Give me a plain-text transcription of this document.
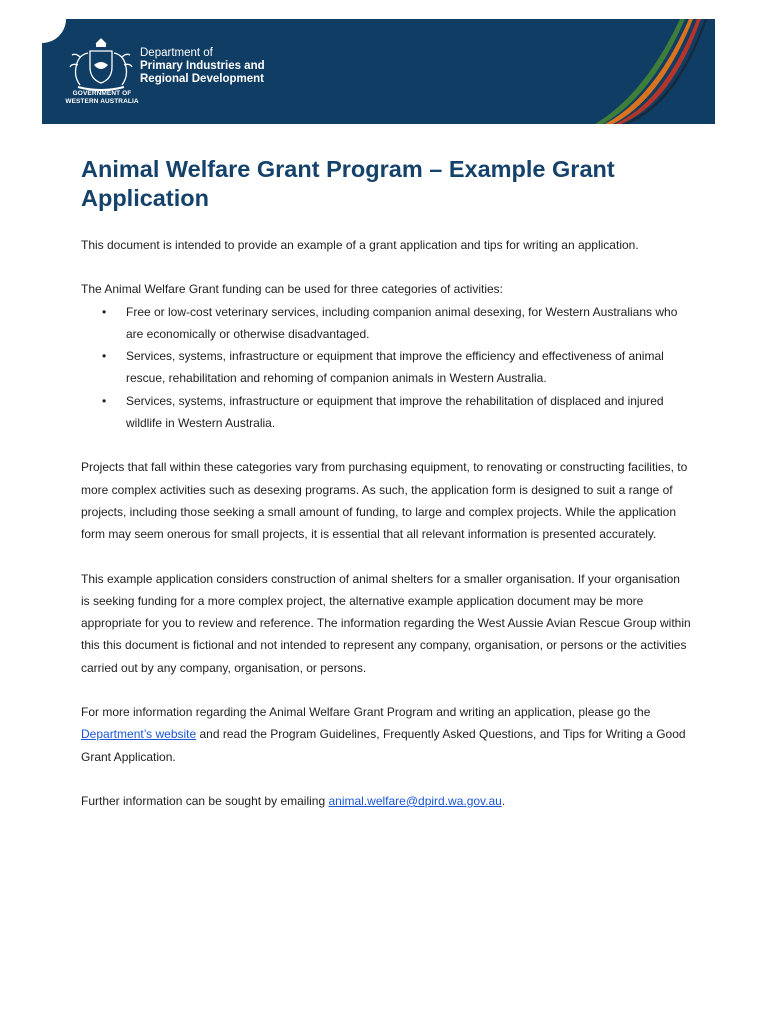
GOVERNMENT OF
WESTERN AUSTRALIA
Department of
Primary Industries and
Regional Development
Animal Welfare Grant Program – Example Grant Application

This document is intended to provide an example of a grant application and tips for writing an application.

The Animal Welfare Grant funding can be used for three categories of activities:

• Free or low-cost veterinary services, including companion animal desexing, for Western Australians who are economically or otherwise disadvantaged.
• Services, systems, infrastructure or equipment that improve the efficiency and effectiveness of animal rescue, rehabilitation and rehoming of companion animals in Western Australia.
• Services, systems, infrastructure or equipment that improve the rehabilitation of displaced and injured wildlife in Western Australia.

Projects that fall within these categories vary from purchasing equipment, to renovating or constructing facilities, to more complex activities such as desexing programs. As such, the application form is designed to suit a range of projects, including those seeking a small amount of funding, to large and complex projects. While the application form may seem onerous for small projects, it is essential that all relevant information is presented accurately.

This example application considers construction of animal shelters for a smaller organisation. If your organisation is seeking funding for a more complex project, the alternative example application document may be more appropriate for you to review and reference. The information regarding the West Aussie Avian Rescue Group within this this document is fictional and not intended to represent any company, organisation, or persons or the activities carried out by any company, organisation, or persons.

For more information regarding the Animal Welfare Grant Program and writing an application, please go the Department’s website and read the Program Guidelines, Frequently Asked Questions, and Tips for Writing a Good Grant Application.

Further information can be sought by emailing animal.welfare@dpird.wa.gov.au.
